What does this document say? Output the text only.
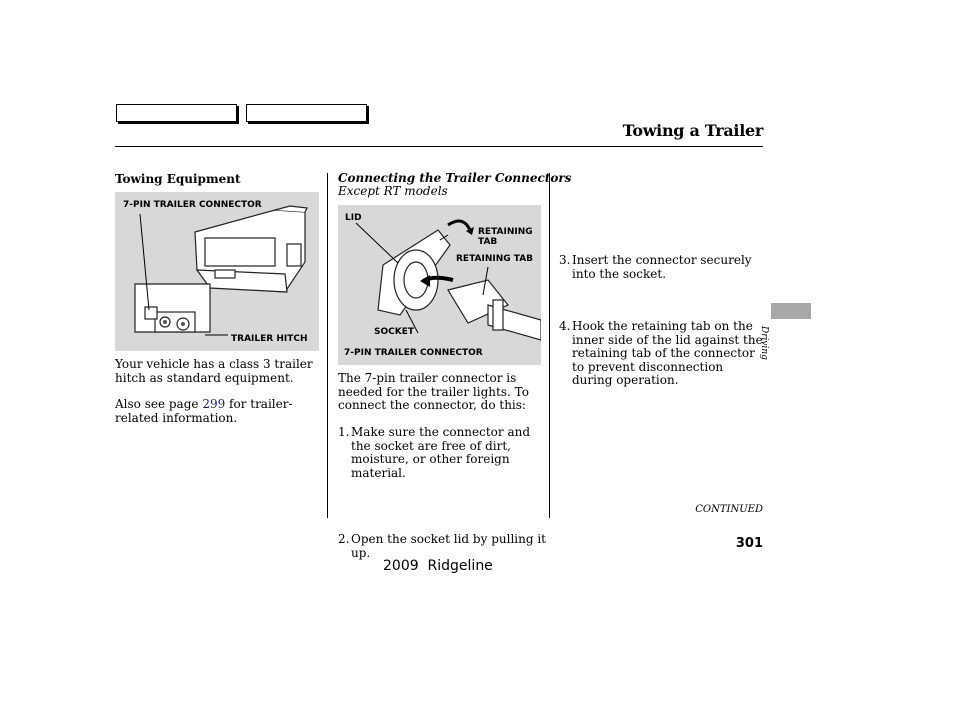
Towing a Trailer
Towing Equipment
7-PIN TRAILER CONNECTOR
TRAILER HITCH
Your vehicle has a class 3 trailer hitch as standard equipment.
Also see page 299 for trailer-related information.
Connecting the Trailer Connectors
Except RT models
LID
RETAINING TAB
RETAINING TAB
SOCKET
7-PIN TRAILER CONNECTOR
The 7-pin trailer connector is needed for the trailer lights. To connect the connector, do this:
1. Make sure the connector and the socket are free of dirt, moisture, or other foreign material.
2. Open the socket lid by pulling it up.
3. Insert the connector securely into the socket.
4. Hook the retaining tab on the inner side of the lid against the retaining tab of the connector to prevent disconnection during operation.
Driving
CONTINUED
301
2009  Ridgeline
